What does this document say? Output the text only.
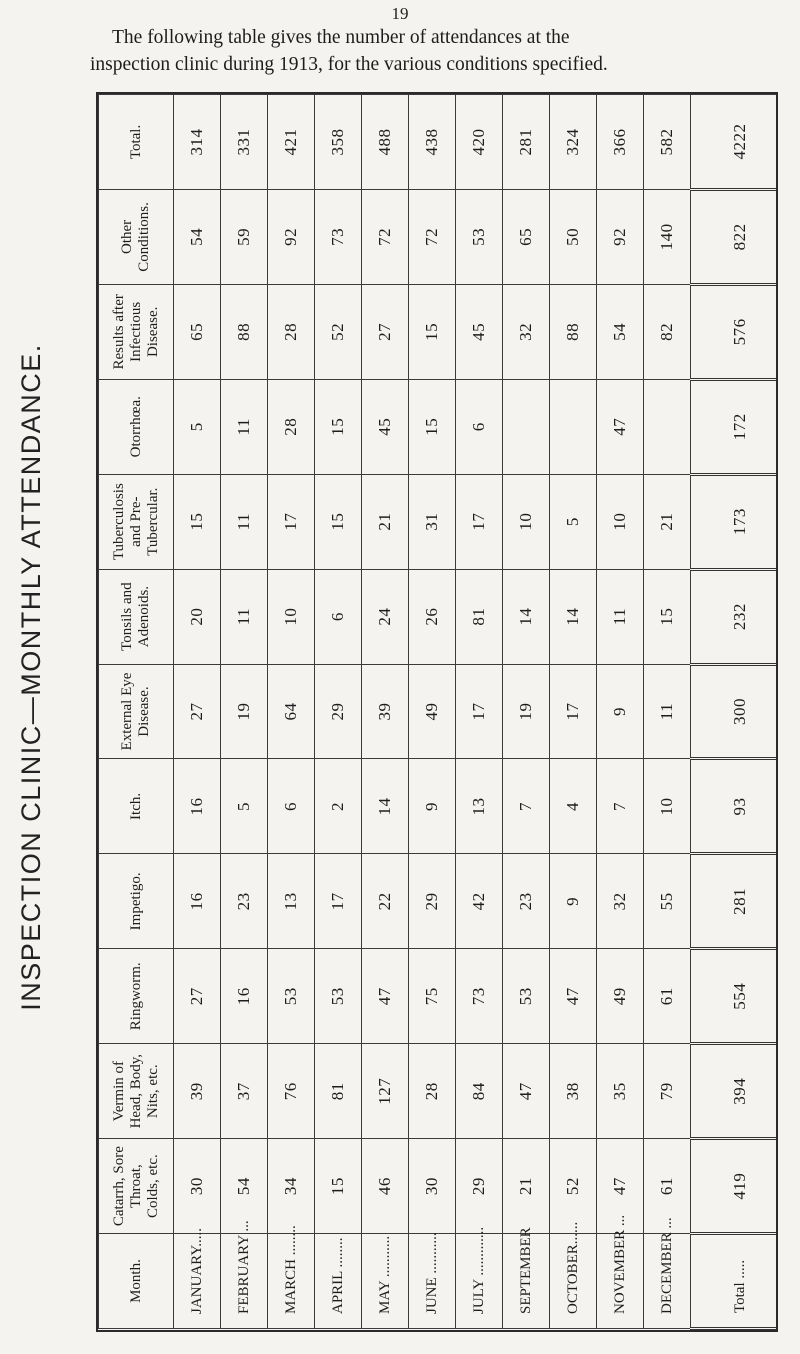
19
The following table gives the number of attendances at the
inspection clinic during 1913, for the various conditions specified.
INSPECTION CLINIC—MONTHLY ATTENDANCE.
Month.	Catarrh, Sore Throat, Colds, etc.	Vermin of Head, Body, Nits, etc.	Ringworm.	Impetigo.	Itch.	External Eye Disease.	Tonsils and Adenoids.	Tuberculosis and Pre-Tubercular.	Otorrhœa.	Results after Infectious Disease.	Other Conditions.	Total.
JANUARY.....	30	39	27	16	16	27	20	15	5	65	54	314
FEBRUARY ...	54	37	16	23	5	19	11	11	11	88	59	331
MARCH ........	34	76	53	13	6	64	10	17	28	28	92	421
APRIL ........	15	81	53	17	2	29	6	15	15	52	73	358
MAY ...........	46	127	47	22	14	39	24	21	45	27	72	488
JUNE ...........	30	28	75	29	9	49	26	31	15	15	72	438
JULY .............	29	84	73	42	13	17	81	17	6	45	53	420
SEPTEMBER	21	47	53	23	7	19	14	10		32	65	281
OCTOBER......	52	38	47	9	4	17	14	5		88	50	324
NOVEMBER ...	47	35	49	32	7	9	11	10	47	54	92	366
DECEMBER ...	61	79	61	55	10	11	15	21		82	140	582
Total .....	419	394	554	281	93	300	232	173	172	576	822	4222
